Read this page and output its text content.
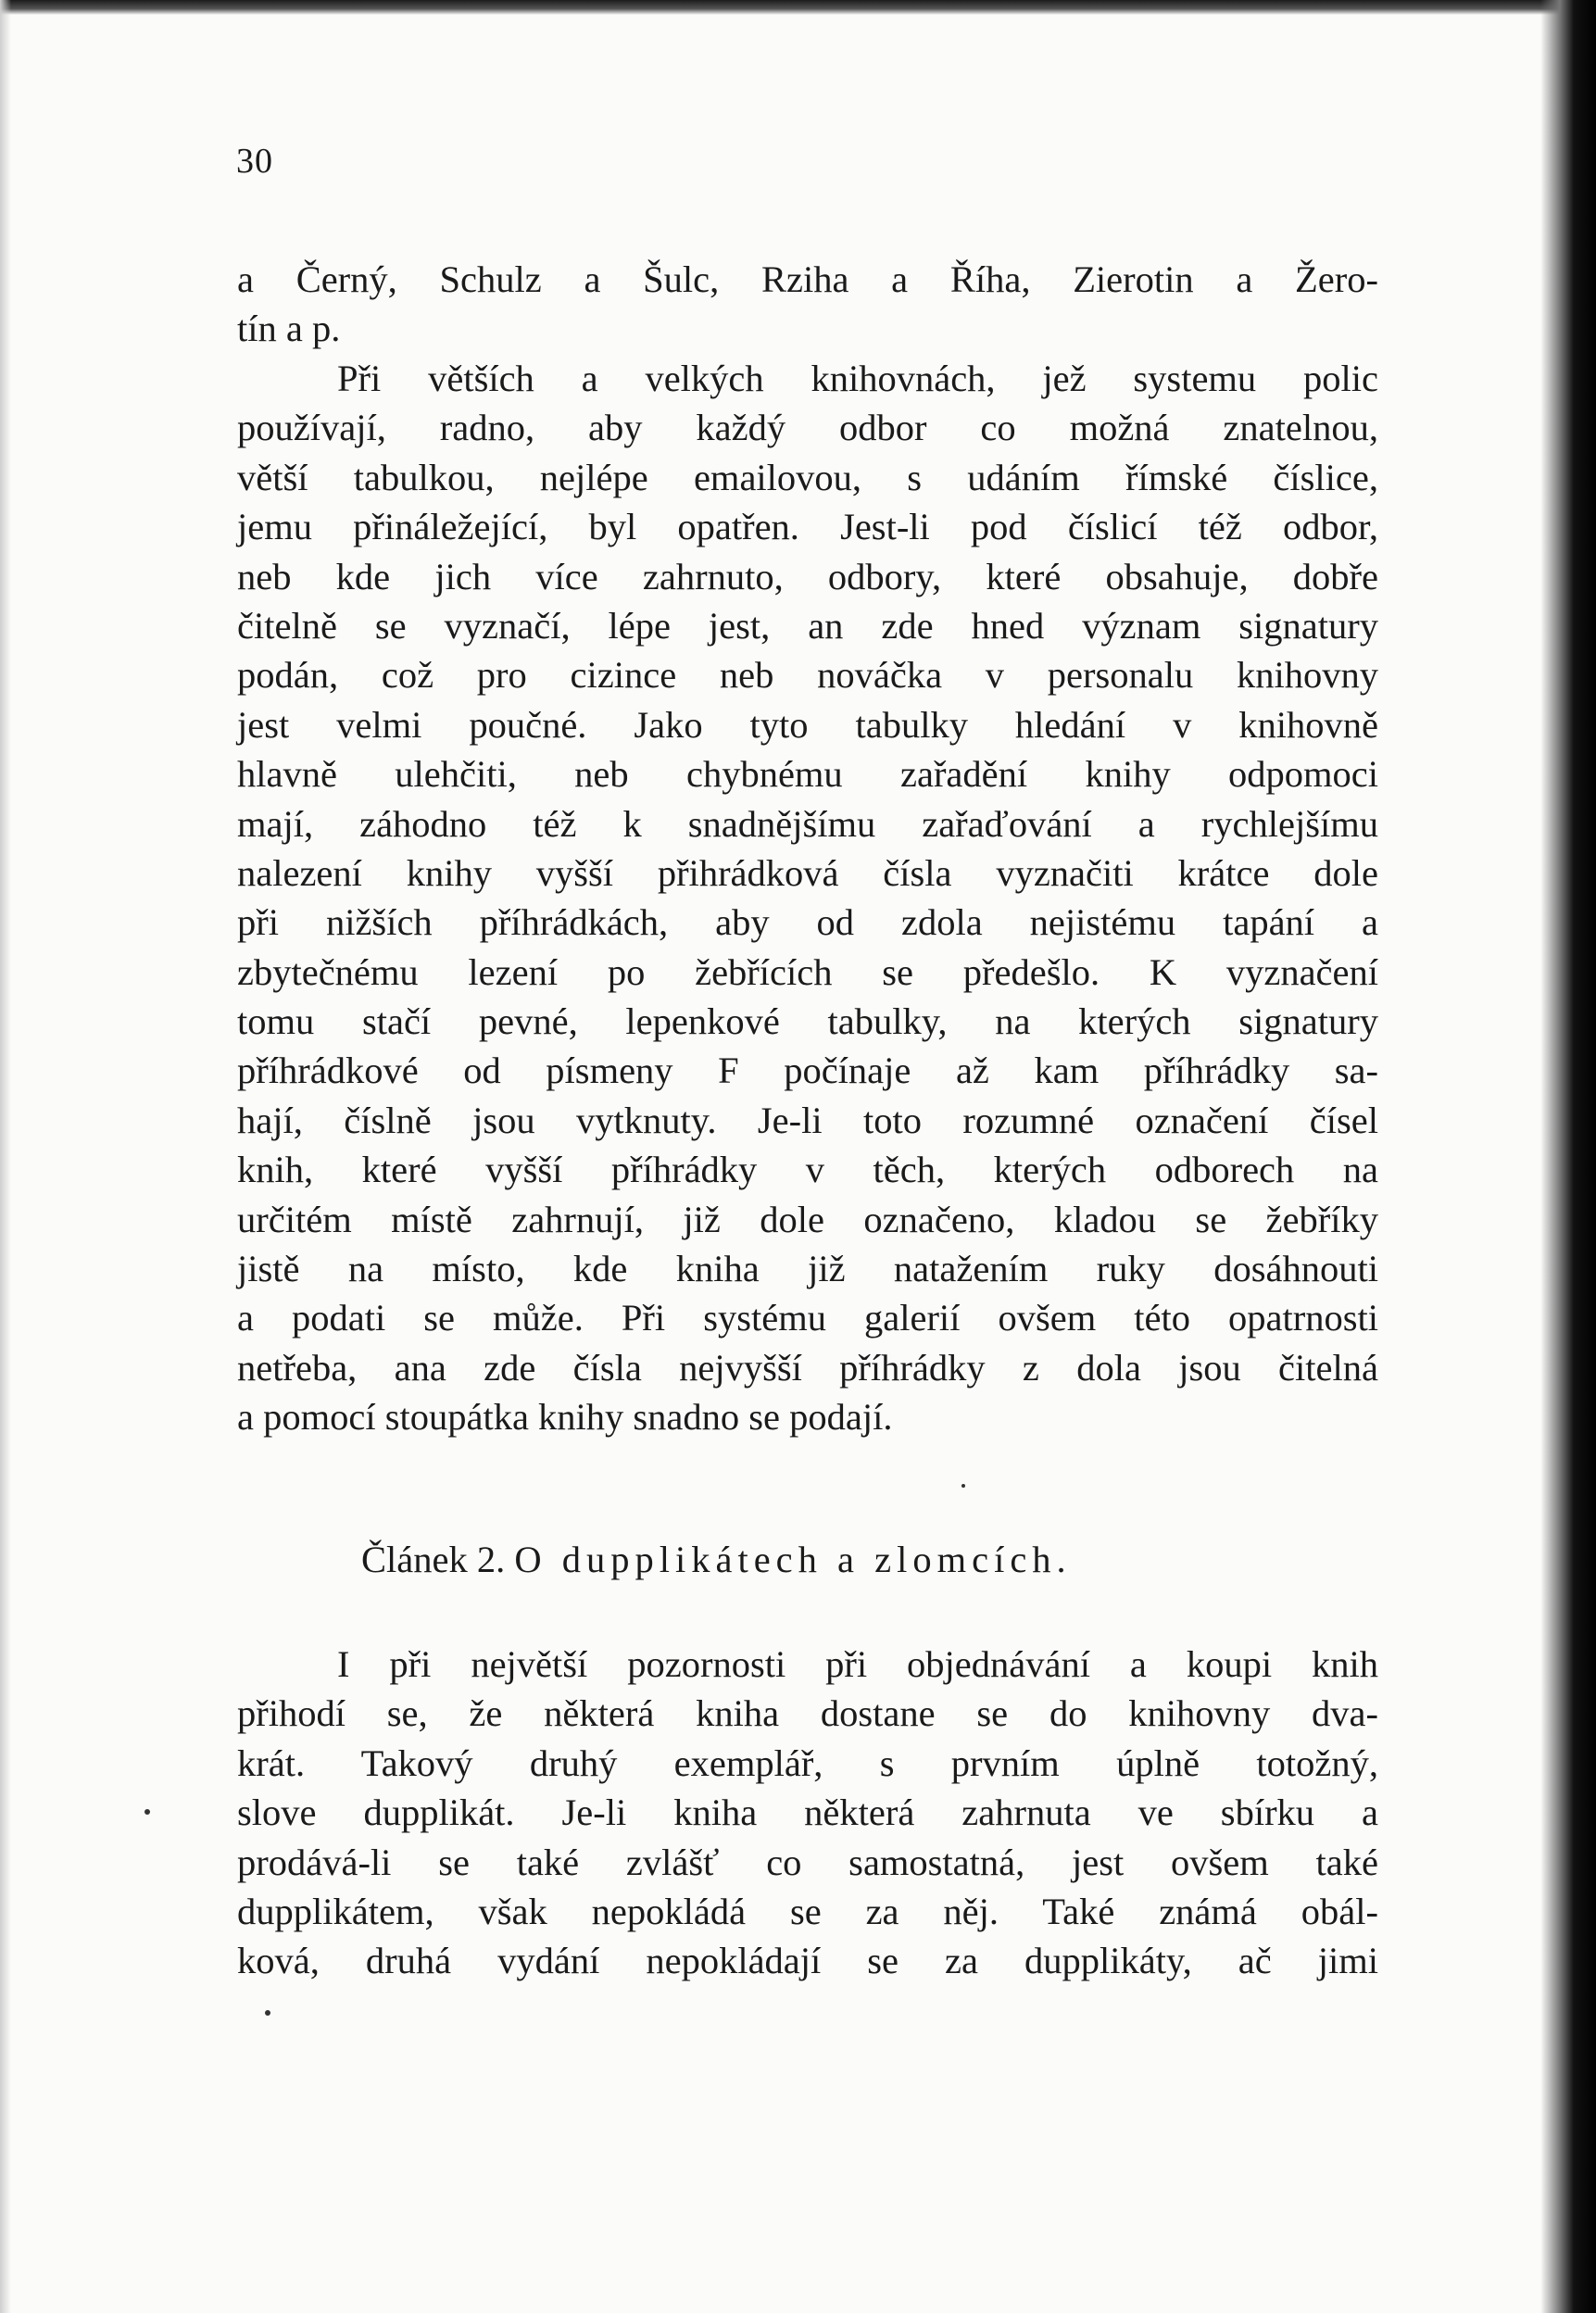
30
a Černý, Schulz a Šulc, Rziha a Říha, Zierotin a Žero-
tín a p.
Při větších a velkých knihovnách, jež systemu polic
používají, radno, aby každý odbor co možná znatelnou,
větší tabulkou, nejlépe emailovou, s udáním římské číslice,
jemu přináležející, byl opatřen. Jest-li pod číslicí též odbor,
neb kde jich více zahrnuto, odbory, které obsahuje, dobře
čitelně se vyznačí, lépe jest, an zde hned význam signatury
podán, což pro cizince neb nováčka v personalu knihovny
jest velmi poučné. Jako tyto tabulky hledání v knihovně
hlavně ulehčiti, neb chybnému zařadění knihy odpomoci
mají, záhodno též k snadnějšímu zařaďování a rychlejšímu
nalezení knihy vyšší přihrádková čísla vyznačiti krátce dole
při nižších příhrádkách, aby od zdola nejistému tapání a
zbytečnému lezení po žebřících se předešlo. K vyznačení
tomu stačí pevné, lepenkové tabulky, na kterých signatury
příhrádkové od písmeny F počínaje až kam příhrádky sa-
hají, číslně jsou vytknuty. Je-li toto rozumné označení čísel
knih, které vyšší příhrádky v těch, kterých odborech na
určitém místě zahrnují, již dole označeno, kladou se žebříky
jistě na místo, kde kniha již natažením ruky dosáhnouti
a podati se může. Při systému galerií ovšem této opatrnosti
netřeba, ana zde čísla nejvyšší příhrádky z dola jsou čitelná
a pomocí stoupátka knihy snadno se podají.
Článek 2. O dupplikátech a zlomcích.
I při největší pozornosti při objednávání a koupi knih
přihodí se, že některá kniha dostane se do knihovny dva-
krát. Takový druhý exemplář, s prvním úplně totožný,
slove dupplikát. Je-li kniha některá zahrnuta ve sbírku a
prodává-li se také zvlášť co samostatná, jest ovšem také
dupplikátem, však nepokládá se za něj. Také známá obál-
ková, druhá vydání nepokládají se za dupplikáty, ač jimi
